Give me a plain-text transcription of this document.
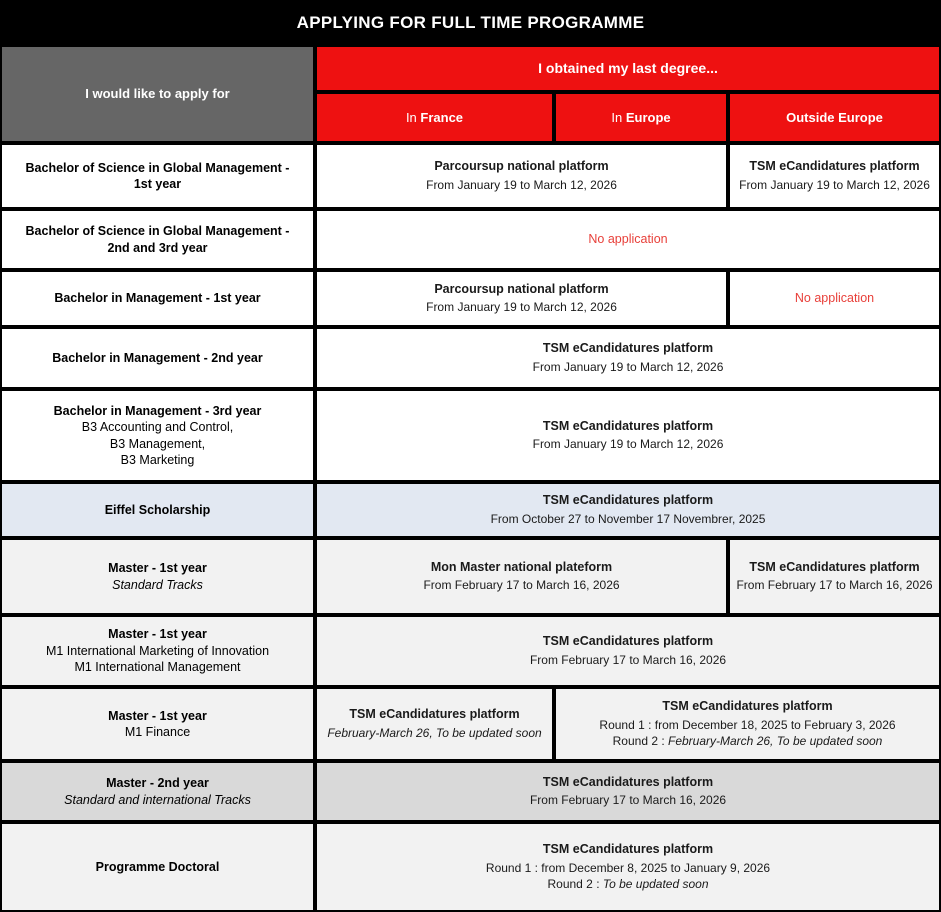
APPLYING FOR FULL TIME PROGRAMME
I would like to apply for
I obtained my last degree...
In France	In Europe	Outside Europe
Bachelor of Science in Global Management -
1st year
Parcoursup national platform
From January 19 to March 12, 2026
TSM eCandidatures platform
From January 19 to March 12, 2026
Bachelor of Science in Global Management -
2nd and 3rd year
No application
Bachelor in Management - 1st year
Parcoursup national platform
From January 19 to March 12, 2026
No application
Bachelor in Management - 2nd year
TSM eCandidatures platform
From January 19 to March 12, 2026
Bachelor in Management - 3rd year
B3 Accounting and Control,
B3 Management,
B3 Marketing
TSM eCandidatures platform
From January 19 to March 12, 2026
Eiffel Scholarship
TSM eCandidatures platform
From October 27 to November 17 Novembrer, 2025
Master - 1st year
Standard Tracks
Mon Master national plateform
From February 17 to March 16, 2026
TSM eCandidatures platform
From February 17 to March 16, 2026
Master - 1st year
M1 International Marketing of Innovation
M1 International Management
TSM eCandidatures platform
From February 17 to March 16, 2026
Master - 1st year
M1 Finance
TSM eCandidatures platform
February-March 26, To be updated soon
TSM eCandidatures platform
Round 1 : from December 18, 2025 to February 3, 2026
Round 2 : February-March 26, To be updated soon
Master - 2nd year
Standard and international Tracks
TSM eCandidatures platform
From February 17 to March 16, 2026
Programme Doctoral
TSM eCandidatures platform
Round 1 : from December 8, 2025 to January 9, 2026
Round 2 : To be updated soon
